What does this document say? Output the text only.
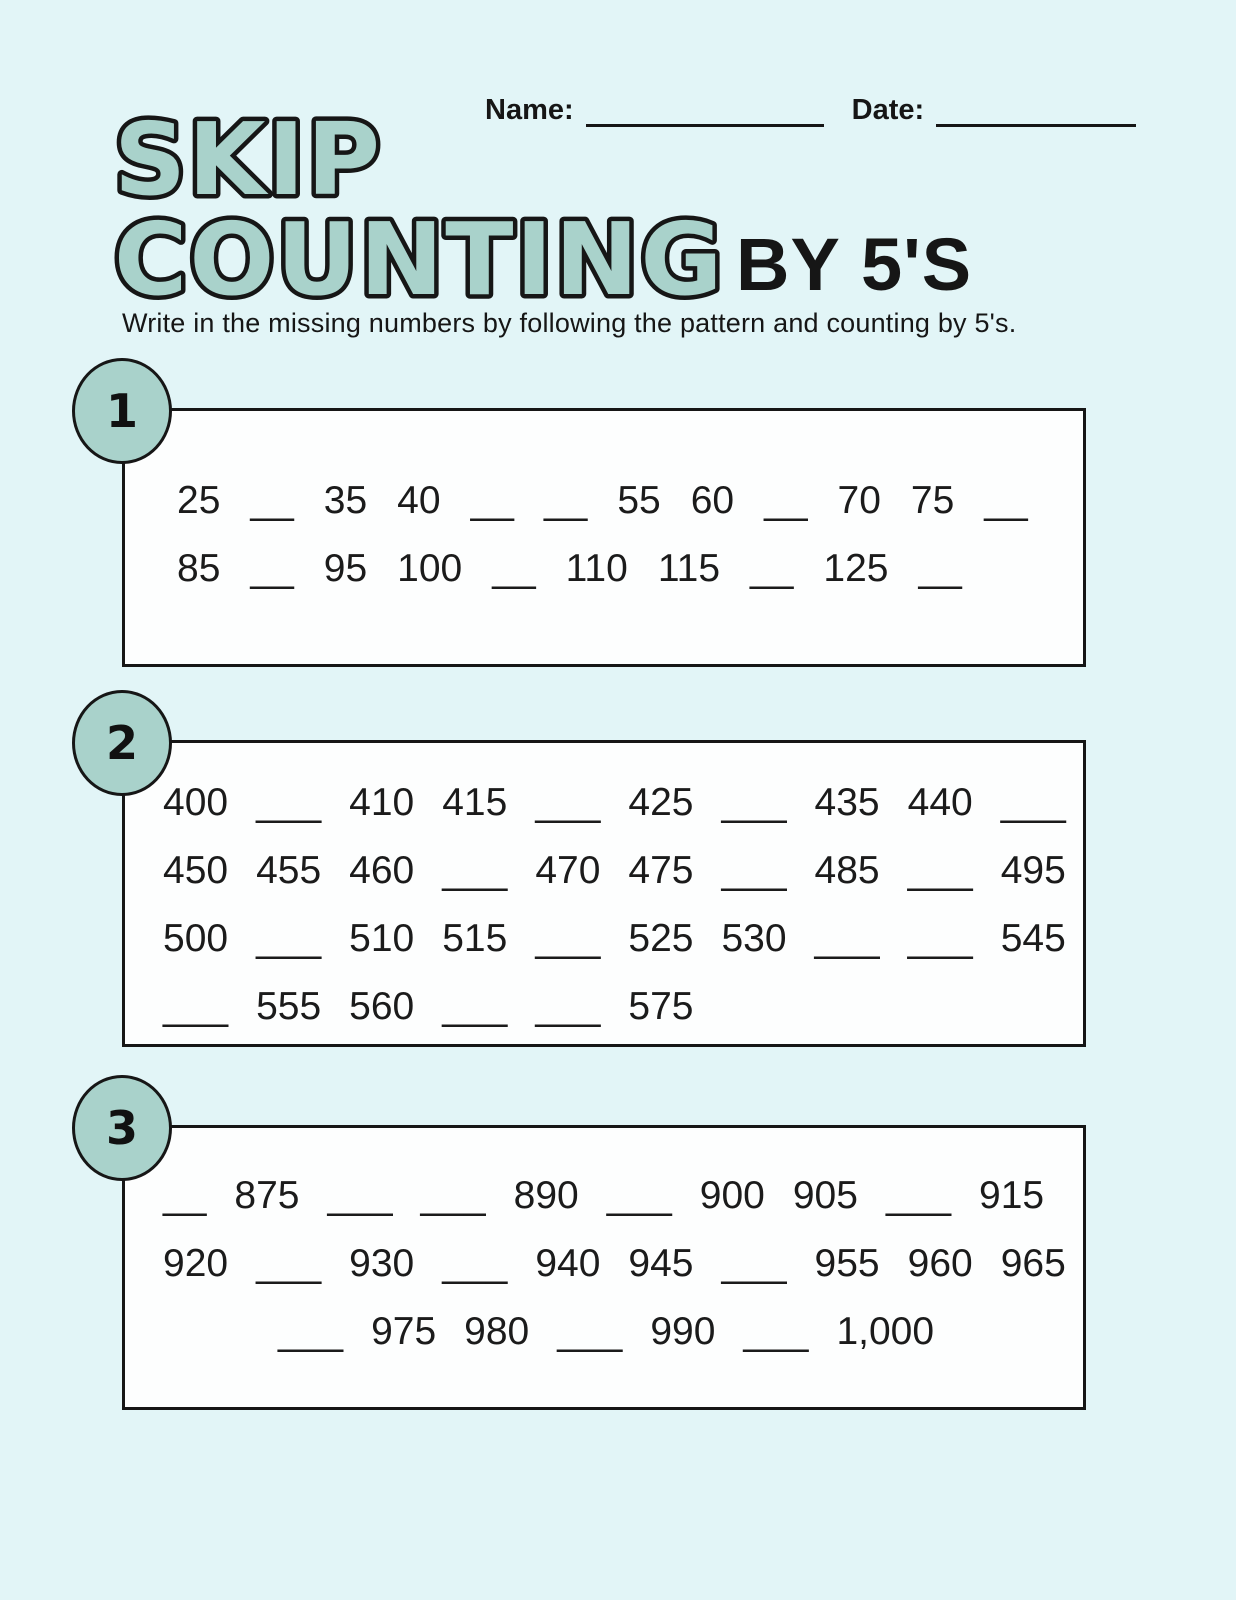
Name:	Date:
SKIP
COUNTING BY 5'S

Write in the missing numbers by following the pattern and counting by 5's.

1
25 __ 35 40 __ __ 55 60 __ 70 75 __
85 __ 95 100 __ 110 115 __ 125 __
2
400 ___ 410 415 ___ 425 ___ 435 440 ___
450 455 460 ___ 470 475 ___ 485 ___ 495
500 ___ 510 515 ___ 525 530 ___ ___ 545
___ 555 560 ___ ___ 575
3
__ 875 ___ ___ 890 ___ 900 905 ___ 915
920 ___ 930 ___ 940 945 ___ 955 960 965
___ 975 980 ___ 990 ___ 1,000
